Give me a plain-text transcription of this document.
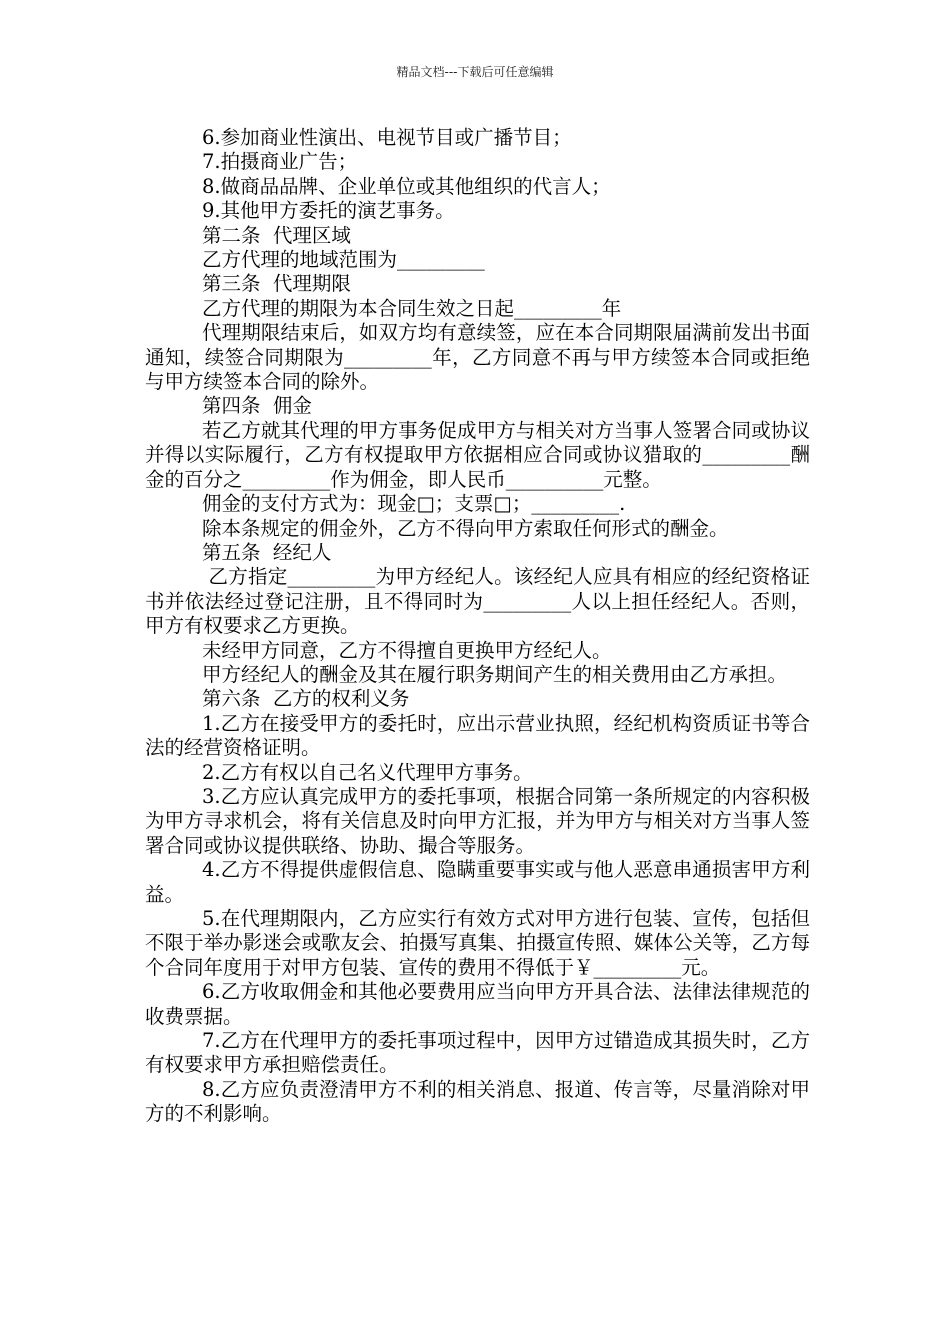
精品文档---下载后可任意编辑

6.参加商业性演出、电视节目或广播节目；

7.拍摄商业广告；

8.做商品品牌、企业单位或其他组织的代言人；

9.其他甲方委托的演艺事务。

第二条  代理区域

乙方代理的地域范围为_________

第三条  代理期限

乙方代理的期限为本合同生效之日起_________年

代理期限结束后，如双方均有意续签，应在本合同期限届满前发出书面通知，续签合同期限为_________年，乙方同意不再与甲方续签本合同或拒绝与甲方续签本合同的除外。

第四条  佣金

若乙方就其代理的甲方事务促成甲方与相关对方当事人签署合同或协议并得以实际履行，乙方有权提取甲方依据相应合同或协议猎取的_________酬金的百分之_________作为佣金，即人民币__________元整。

佣金的支付方式为：现金□；支票□；_________.

除本条规定的佣金外，乙方不得向甲方索取任何形式的酬金。

第五条  经纪人

乙方指定_________为甲方经纪人。该经纪人应具有相应的经纪资格证书并依法经过登记注册，且不得同时为_________人以上担任经纪人。否则，甲方有权要求乙方更换。

未经甲方同意，乙方不得擅自更换甲方经纪人。

甲方经纪人的酬金及其在履行职务期间产生的相关费用由乙方承担。

第六条  乙方的权利义务

1.乙方在接受甲方的委托时，应出示营业执照，经纪机构资质证书等合法的经营资格证明。

2.乙方有权以自己名义代理甲方事务。

3.乙方应认真完成甲方的委托事项，根据合同第一条所规定的内容积极为甲方寻求机会，将有关信息及时向甲方汇报，并为甲方与相关对方当事人签署合同或协议提供联络、协助、撮合等服务。

4.乙方不得提供虚假信息、隐瞒重要事实或与他人恶意串通损害甲方利益。

5.在代理期限内，乙方应实行有效方式对甲方进行包装、宣传，包括但不限于举办影迷会或歌友会、拍摄写真集、拍摄宣传照、媒体公关等，乙方每个合同年度用于对甲方包装、宣传的费用不得低于￥_________元。

6.乙方收取佣金和其他必要费用应当向甲方开具合法、法律法律规范的收费票据。

7.乙方在代理甲方的委托事项过程中，因甲方过错造成其损失时，乙方有权要求甲方承担赔偿责任。

8.乙方应负责澄清甲方不利的相关消息、报道、传言等，尽量消除对甲方的不利影响。
